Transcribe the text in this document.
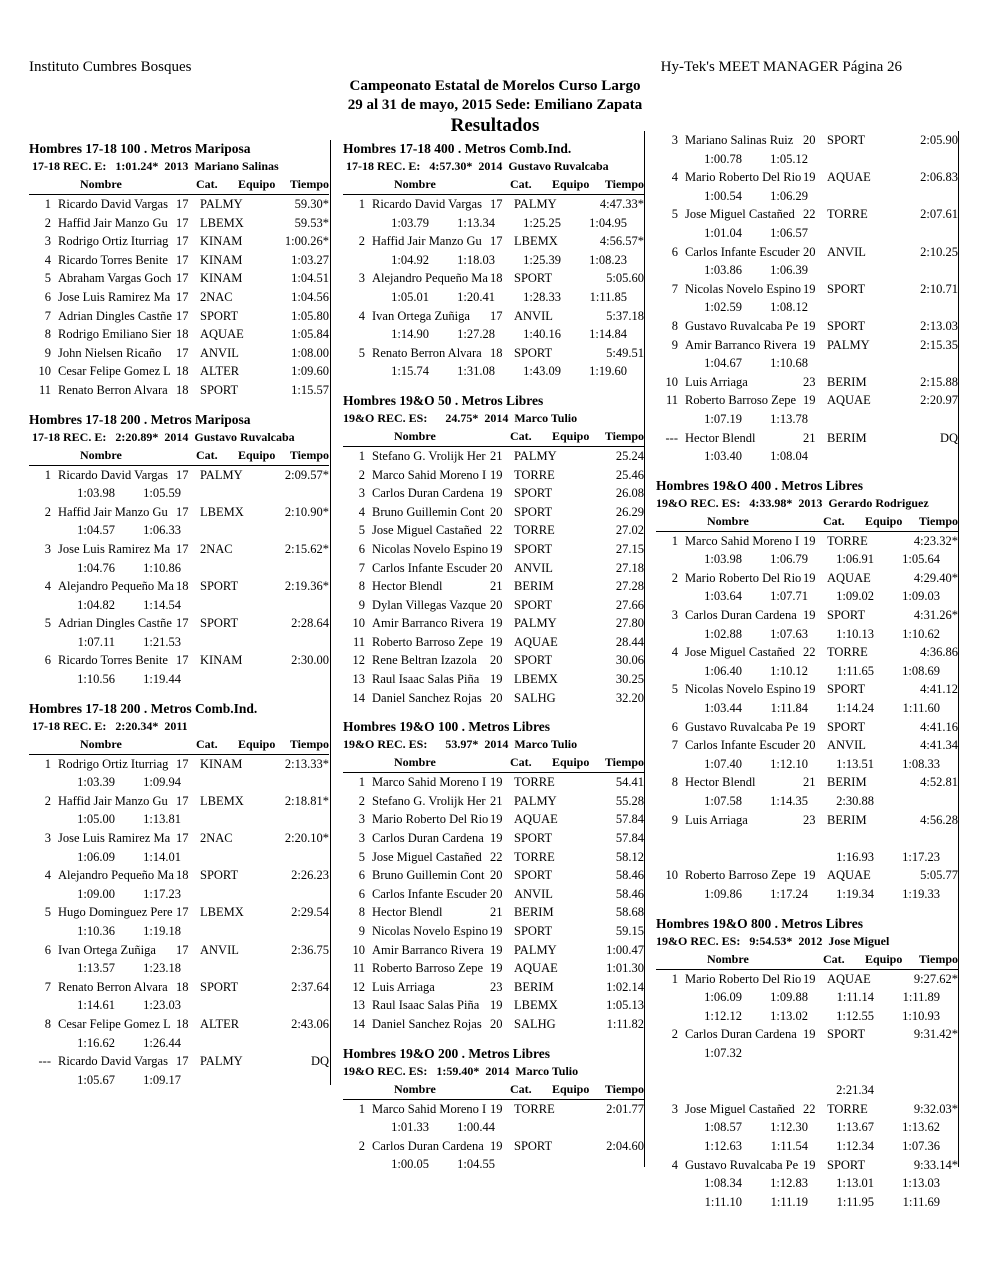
Instituto Cumbres Bosques	Hy-Tek's MEET MANAGER Página 26
Campeonato Estatal de Morelos Curso Largo
29 al 31 de mayo, 2015 Sede: Emiliano Zapata
Resultados
Hombres 17-18 100 . Metros Mariposa
17-18 REC. E:   1:01.24*  2013  Mariano Salinas
Nombre	Cat.	Equipo	Tiempo
1 Ricardo David Vargas 17 PALMY	59.30*
2 Haffid Jair Manzo Gu 17 LBEMX	59.53*
3 Rodrigo Ortiz Iturriag 17 KINAM	1:00.26*
4 Ricardo Torres Benite 17 KINAM	1:03.27
5 Abraham Vargas Goch 17 KINAM	1:04.51
6 Jose Luis Ramirez Ma 17 2NAC	1:04.56
7 Adrian Dingles Castñe 17 SPORT	1:05.80
8 Rodrigo Emiliano Sier 18 AQUAE	1:05.84
9 John Nielsen Ricaño	17 ANVIL	1:08.00
10 Cesar Felipe Gomez L 18 ALTER	1:09.60
11 Renato Berron Alvara 18 SPORT	1:15.57
Hombres 17-18 200 . Metros Mariposa
17-18 REC. E:   2:20.89*  2014  Gustavo Ruvalcaba
Nombre	Cat.	Equipo	Tiempo
1 Ricardo David Vargas 17 PALMY	2:09.57*
1:03.98	1:05.59
2 Haffid Jair Manzo Gu 17 LBEMX	2:10.90*
1:04.57	1:06.33
3 Jose Luis Ramirez Ma 17 2NAC	2:15.62*
1:04.76	1:10.86
4 Alejandro Pequeño Ma 18 SPORT	2:19.36*
1:04.82	1:14.54
5 Adrian Dingles Castñe 17 SPORT	2:28.64
1:07.11	1:21.53
6 Ricardo Torres Benite 17 KINAM	2:30.00
1:10.56	1:19.44
Hombres 17-18 200 . Metros Comb.Ind.
17-18 REC. E:   2:20.34*  2011
Nombre	Cat.	Equipo	Tiempo
1 Rodrigo Ortiz Iturriag 17 KINAM	2:13.33*
1:03.39	1:09.94
2 Haffid Jair Manzo Gu 17 LBEMX	2:18.81*
1:05.00	1:13.81
3 Jose Luis Ramirez Ma 17 2NAC	2:20.10*
1:06.09	1:14.01
4 Alejandro Pequeño Ma 18 SPORT	2:26.23
1:09.00	1:17.23
5 Hugo Dominguez Pere 17 LBEMX	2:29.54
1:10.36	1:19.18
6 Ivan Ortega Zuñiga	17 ANVIL	2:36.75
1:13.57	1:23.18
7 Renato Berron Alvara 18 SPORT	2:37.64
1:14.61	1:23.03
8 Cesar Felipe Gomez L 18 ALTER	2:43.06
1:16.62	1:26.44
--- Ricardo David Vargas 17 PALMY	DQ
1:05.67	1:09.17
Hombres 17-18 400 . Metros Comb.Ind.
17-18 REC. E:   4:57.30*  2014  Gustavo Ruvalcaba
Nombre	Cat.	Equipo	Tiempo
1 Ricardo David Vargas 17 PALMY	4:47.33*
1:03.79	1:13.34	1:25.25	1:04.95
2 Haffid Jair Manzo Gu 17 LBEMX	4:56.57*
1:04.92	1:18.03	1:25.39	1:08.23
3 Alejandro Pequeño Ma 18 SPORT	5:05.60
1:05.01	1:20.41	1:28.33	1:11.85
4 Ivan Ortega Zuñiga	17 ANVIL	5:37.18
1:14.90	1:27.28	1:40.16	1:14.84
5 Renato Berron Alvara 18 SPORT	5:49.51
1:15.74	1:31.08	1:43.09	1:19.60
Hombres 19&O 50 . Metros Libres
19&O REC. ES:      24.75*  2014  Marco Tulio
Nombre	Cat.	Equipo	Tiempo
1 Stefano G. Vrolijk Her 21 PALMY	25.24
2 Marco Sahid Moreno I 19 TORRE	25.46
3 Carlos Duran Cardena 19 SPORT	26.08
4 Bruno Guillemin Cont 20 SPORT	26.29
5 Jose Miguel Castañed 22 TORRE	27.02
6 Nicolas Novelo Espino 19 SPORT	27.15
7 Carlos Infante Escuder 20 ANVIL	27.18
8 Hector Blendl	21 BERIM	27.28
9 Dylan Villegas Vazque 20 SPORT	27.66
10 Amir Barranco Rivera 19 PALMY	27.80
11 Roberto Barroso Zepe 19 AQUAE	28.44
12 Rene Beltran Izazola	20 SPORT	30.06
13 Raul Isaac Salas Piña 19 LBEMX	30.25
14 Daniel Sanchez Rojas 20 SALHG	32.20
Hombres 19&O 100 . Metros Libres
19&O REC. ES:      53.97*  2014  Marco Tulio
Nombre	Cat.	Equipo	Tiempo
1 Marco Sahid Moreno I 19 TORRE	54.41
2 Stefano G. Vrolijk Her 21 PALMY	55.28
3 Mario Roberto Del Rio 19 AQUAE	57.84
3 Carlos Duran Cardena 19 SPORT	57.84
5 Jose Miguel Castañed 22 TORRE	58.12
6 Bruno Guillemin Cont 20 SPORT	58.46
6 Carlos Infante Escuder 20 ANVIL	58.46
8 Hector Blendl	21 BERIM	58.68
9 Nicolas Novelo Espino 19 SPORT	59.15
10 Amir Barranco Rivera 19 PALMY	1:00.47
11 Roberto Barroso Zepe 19 AQUAE	1:01.30
12 Luis Arriaga	23 BERIM	1:02.14
13 Raul Isaac Salas Piña 19 LBEMX	1:05.13
14 Daniel Sanchez Rojas 20 SALHG	1:11.82
Hombres 19&O 200 . Metros Libres
19&O REC. ES:   1:59.40*  2014  Marco Tulio
Nombre	Cat.	Equipo	Tiempo
1 Marco Sahid Moreno I 19 TORRE	2:01.77
1:01.33	1:00.44
2 Carlos Duran Cardena 19 SPORT	2:04.60
1:00.05	1:04.55
3 Mariano Salinas Ruiz 20 SPORT	2:05.90
1:00.78	1:05.12
4 Mario Roberto Del Rio 19 AQUAE	2:06.83
1:00.54	1:06.29
5 Jose Miguel Castañed 22 TORRE	2:07.61
1:01.04	1:06.57
6 Carlos Infante Escuder 20 ANVIL	2:10.25
1:03.86	1:06.39
7 Nicolas Novelo Espino 19 SPORT	2:10.71
1:02.59	1:08.12
8 Gustavo Ruvalcaba Pe 19 SPORT	2:13.03
9 Amir Barranco Rivera 19 PALMY	2:15.35
1:04.67	1:10.68
10 Luis Arriaga	23 BERIM	2:15.88
11 Roberto Barroso Zepe 19 AQUAE	2:20.97
1:07.19	1:13.78
--- Hector Blendl	21 BERIM	DQ
1:03.40	1:08.04
Hombres 19&O 400 . Metros Libres
19&O REC. ES:   4:33.98*  2013  Gerardo Rodriguez
Nombre	Cat.	Equipo	Tiempo
1 Marco Sahid Moreno I 19 TORRE	4:23.32*
1:03.98	1:06.79	1:06.91	1:05.64
2 Mario Roberto Del Rio 19 AQUAE	4:29.40*
1:03.64	1:07.71	1:09.02	1:09.03
3 Carlos Duran Cardena 19 SPORT	4:31.26*
1:02.88	1:07.63	1:10.13	1:10.62
4 Jose Miguel Castañed 22 TORRE	4:36.86
1:06.40	1:10.12	1:11.65	1:08.69
5 Nicolas Novelo Espino 19 SPORT	4:41.12
1:03.44	1:11.84	1:14.24	1:11.60
6 Gustavo Ruvalcaba Pe 19 SPORT	4:41.16
7 Carlos Infante Escuder 20 ANVIL	4:41.34
1:07.40	1:12.10	1:13.51	1:08.33
8 Hector Blendl	21 BERIM	4:52.81
1:07.58	1:14.35	2:30.88
9 Luis Arriaga	23 BERIM	4:56.28
1:16.93	1:17.23
10 Roberto Barroso Zepe 19 AQUAE	5:05.77
1:09.86	1:17.24	1:19.34	1:19.33
Hombres 19&O 800 . Metros Libres
19&O REC. ES:   9:54.53*  2012  Jose Miguel
Nombre	Cat.	Equipo	Tiempo
1 Mario Roberto Del Rio 19 AQUAE	9:27.62*
1:06.09	1:09.88	1:11.14	1:11.89
1:12.12	1:13.02	1:12.55	1:10.93
2 Carlos Duran Cardena 19 SPORT	9:31.42*
1:07.32
2:21.34
3 Jose Miguel Castañed 22 TORRE	9:32.03*
1:08.57	1:12.30	1:13.67	1:13.62
1:12.63	1:11.54	1:12.34	1:07.36
4 Gustavo Ruvalcaba Pe 19 SPORT	9:33.14*
1:08.34	1:12.83	1:13.01	1:13.03
1:11.10	1:11.19	1:11.95	1:11.69
